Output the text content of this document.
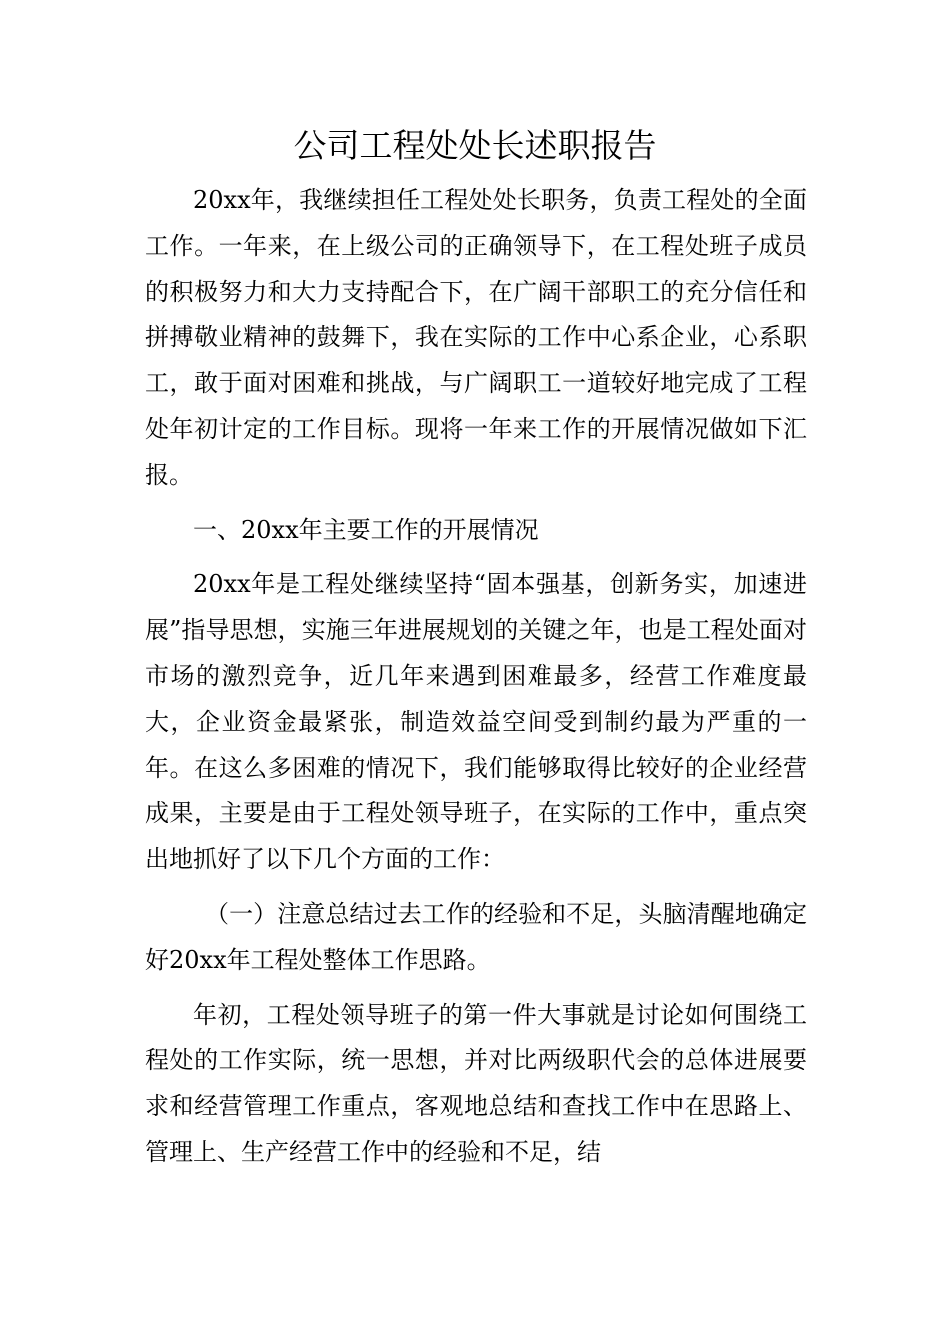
公司工程处处长述职报告

20xx年，我继续担任工程处处长职务，负责工程处的全面工作。一年来，在上级公司的正确领导下，在工程处班子成员的积极努力和大力支持配合下，在广阔干部职工的充分信任和拼搏敬业精神的鼓舞下，我在实际的工作中心系企业，心系职工，敢于面对困难和挑战，与广阔职工一道较好地完成了工程处年初计定的工作目标。现将一年来工作的开展情况做如下汇报。

一、20xx年主要工作的开展情况

20xx年是工程处继续坚持“固本强基，创新务实，加速进展”指导思想，实施三年进展规划的关键之年，也是工程处面对市场的激烈竞争，近几年来遇到困难最多，经营工作难度最大，企业资金最紧张，制造效益空间受到制约最为严重的一年。在这么多困难的情况下，我们能够取得比较好的企业经营成果，主要是由于工程处领导班子，在实际的工作中，重点突出地抓好了以下几个方面的工作：

（一）注意总结过去工作的经验和不足，头脑清醒地确定好20xx年工程处整体工作思路。

年初，工程处领导班子的第一件大事就是讨论如何围绕工程处的工作实际，统一思想，并对比两级职代会的总体进展要求和经营管理工作重点，客观地总结和查找工作中在思路上、管理上、生产经营工作中的经验和不足，结
